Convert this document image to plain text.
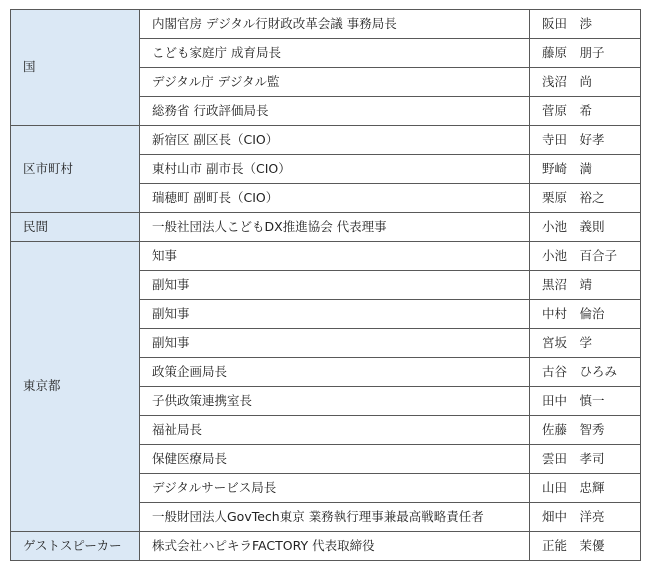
国	内閣官房 デジタル行財政改革会議 事務局長	阪田　渉
	こども家庭庁 成育局長	藤原　朋子
	デジタル庁 デジタル監	浅沼　尚
	総務省 行政評価局長	菅原　希
区市町村	新宿区 副区長（CIO）	寺田　好孝
	東村山市 副市長（CIO）	野崎　満
	瑞穂町 副町長（CIO）	栗原　裕之
民間	一般社団法人こどもDX推進協会 代表理事	小池　義則
東京都	知事	小池　百合子
	副知事	黒沼　靖
	副知事	中村　倫治
	副知事	宮坂　学
	政策企画局長	古谷　ひろみ
	子供政策連携室長	田中　慎一
	福祉局長	佐藤　智秀
	保健医療局長	雲田　孝司
	デジタルサービス局長	山田　忠輝
	一般財団法人GovTech東京 業務執行理事兼最高戦略責任者	畑中　洋亮
ゲストスピーカー	株式会社ハピキラFACTORY 代表取締役	正能　茉優
